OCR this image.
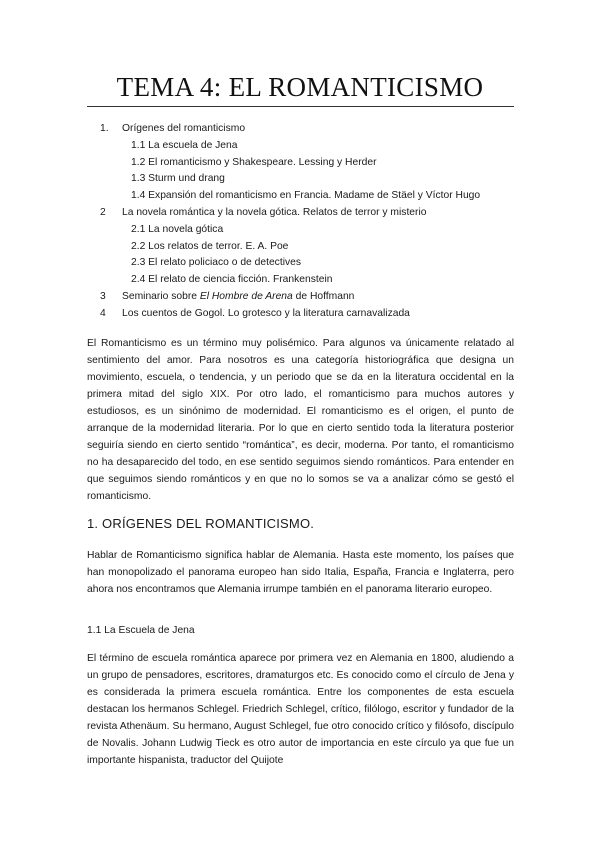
TEMA 4: EL ROMANTICISMO
1. Orígenes del romanticismo
1.1 La escuela de Jena
1.2 El romanticismo y Shakespeare. Lessing y Herder
1.3 Sturm und drang
1.4 Expansión del romanticismo en Francia. Madame de Stäel y Víctor Hugo
2 La novela romántica y la novela gótica. Relatos de terror y misterio
2.1 La novela gótica
2.2 Los relatos de terror. E. A. Poe
2.3 El relato policiaco o de detectives
2.4 El relato de ciencia ficción. Frankenstein
3 Seminario sobre El Hombre de Arena de Hoffmann
4 Los cuentos de Gogol. Lo grotesco y la literatura carnavalizada

El Romanticismo es un término muy polisémico. Para algunos va únicamente relatado al sentimiento del amor. Para nosotros es una categoría historiográfica que designa un movimiento, escuela, o tendencia, y un periodo que se da en la literatura occidental en la primera mitad del siglo XIX. Por otro lado, el romanticismo para muchos autores y estudiosos, es un sinónimo de modernidad. El romanticismo es el origen, el punto de arranque de la modernidad literaria. Por lo que en cierto sentido toda la literatura posterior seguiría siendo en cierto sentido “romántica”, es decir, moderna. Por tanto, el romanticismo no ha desaparecido del todo, en ese sentido seguimos siendo románticos. Para entender en que seguimos siendo románticos y en que no lo somos se va a analizar cómo se gestó el romanticismo.

1. ORÍGENES DEL ROMANTICISMO.

Hablar de Romanticismo significa hablar de Alemania. Hasta este momento, los países que han monopolizado el panorama europeo han sido Italia, España, Francia e Inglaterra, pero ahora nos encontramos que Alemania irrumpe también en el panorama literario europeo.

1.1 La Escuela de Jena

El término de escuela romántica aparece por primera vez en Alemania en 1800, aludiendo a un grupo de pensadores, escritores, dramaturgos etc. Es conocido como el círculo de Jena y es considerada la primera escuela romántica. Entre los componentes de esta escuela destacan los hermanos Schlegel. Friedrich Schlegel, crítico, filólogo, escritor y fundador de la revista Athenäum. Su hermano, August Schlegel, fue otro conocido crítico y filósofo, discípulo de Novalis. Johann Ludwig Tieck es otro autor de importancia en este círculo ya que fue un importante hispanista, traductor del Quijote
